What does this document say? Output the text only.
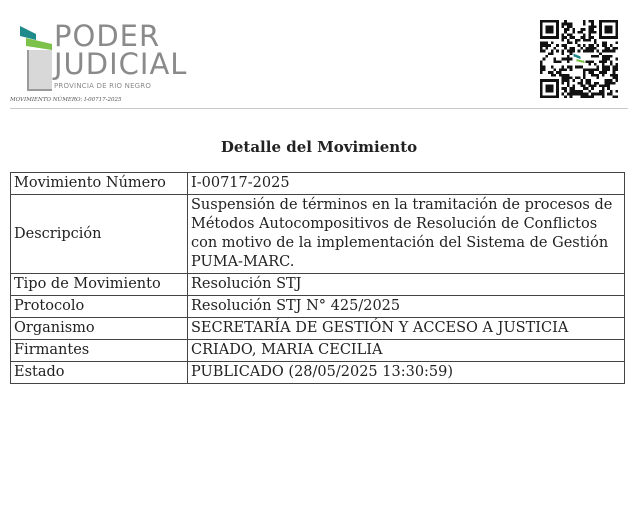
PODER
JUDICIAL
PROVINCIA DE RIO NEGRO
MOVIMIENTO NÚMERO: I-00717-2025
Detalle del Movimiento
Movimiento Número	I-00717-2025
Descripción	Suspensión de términos en la tramitación de procesos de Métodos Autocompositivos de Resolución de Conflictos con motivo de la implementación del Sistema de Gestión PUMA-MARC.
Tipo de Movimiento	Resolución STJ
Protocolo	Resolución STJ N° 425/2025
Organismo	SECRETARÍA DE GESTIÓN Y ACCESO A JUSTICIA
Firmantes	CRIADO, MARIA CECILIA
Estado	PUBLICADO (28/05/2025 13:30:59)
